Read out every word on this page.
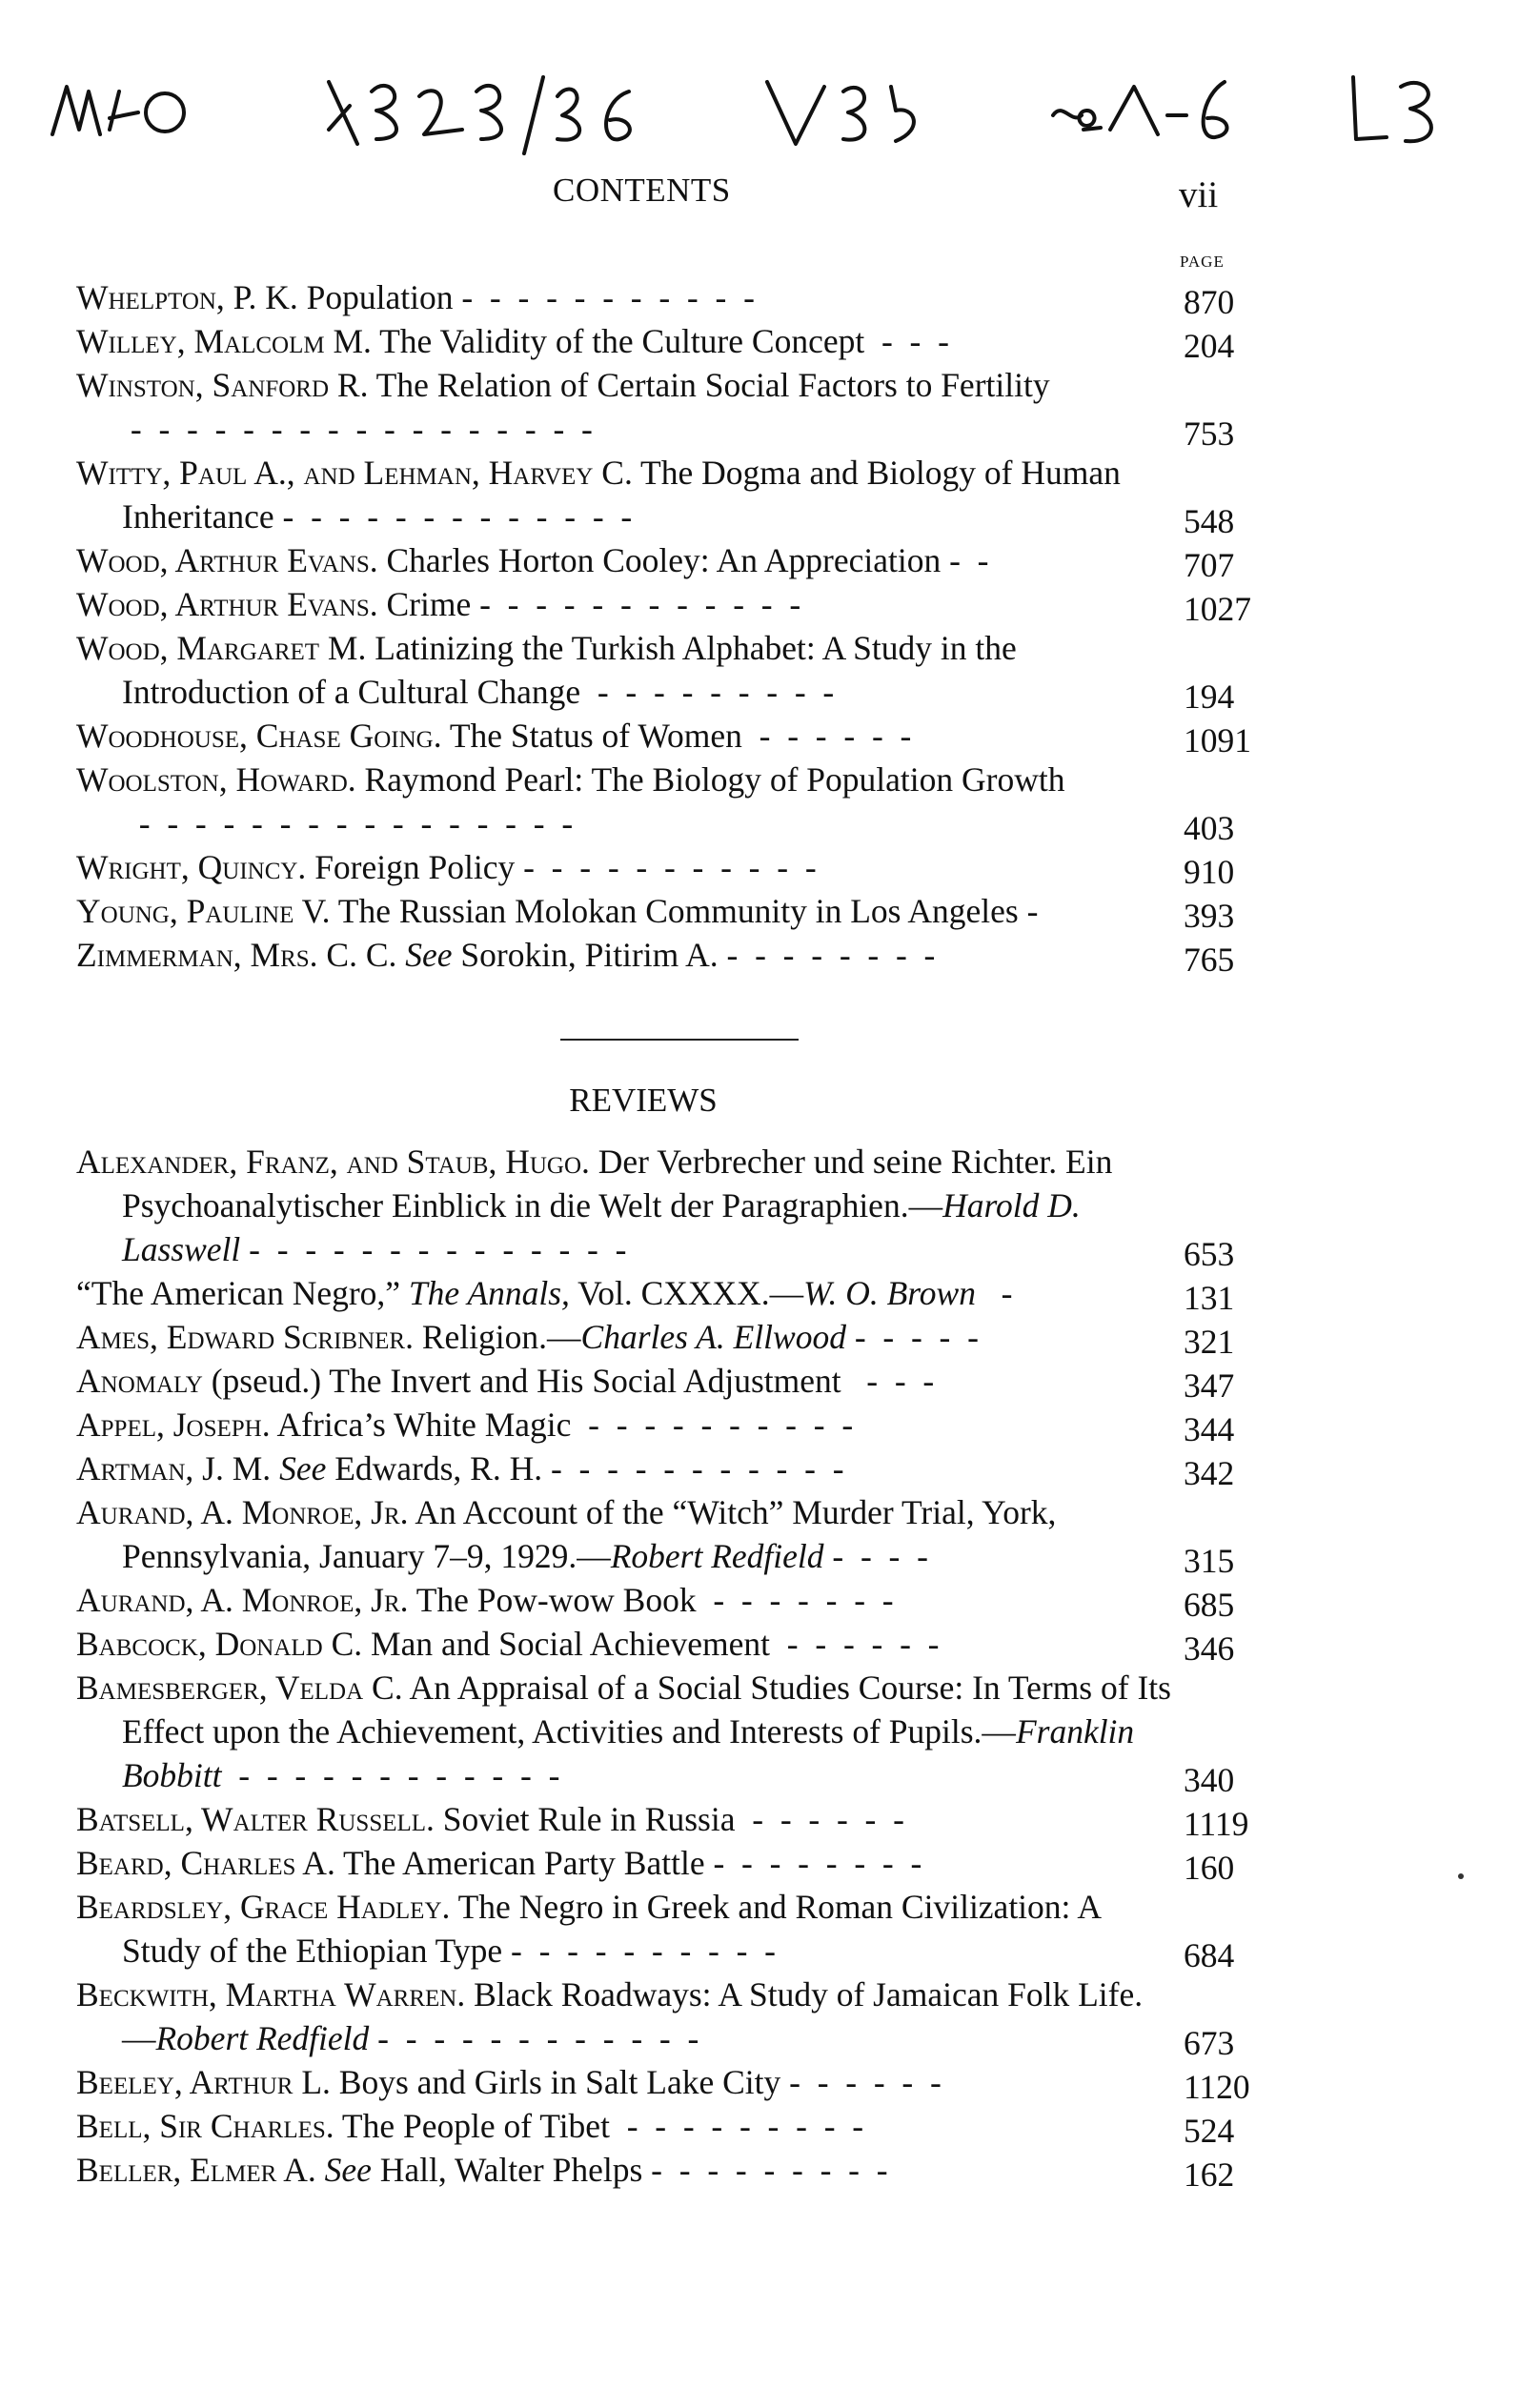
CONTENTS	vii
PAGE
Whelpton, P. K. Population -  -  -  -  -  -  -  -  -  -  -	870
Willey, Malcolm M. The Validity of the Culture Concept  -  -  -	204
Winston, Sanford R. The Relation of Certain Social Factors to Fertility -  -  -  -  -  -  -  -  -  -  -  -  -  -  -  -  -	753
Witty, Paul A., and Lehman, Harvey C. The Dogma and Biology of Human Inheritance -  -  -  -  -  -  -  -  -  -  -  -  -	548
Wood, Arthur Evans. Charles Horton Cooley: An Appreciation -  -	707
Wood, Arthur Evans. Crime -  -  -  -  -  -  -  -  -  -  -  -	1027
Wood, Margaret M. Latinizing the Turkish Alphabet: A Study in the Introduction of a Cultural Change  -  -  -  -  -  -  -  -  -	194
Woodhouse, Chase Going. The Status of Women  -  -  -  -  -  -	1091
Woolston, Howard. Raymond Pearl: The Biology of Population Growth  -  -  -  -  -  -  -  -  -  -  -  -  -  -  -  -	403
Wright, Quincy. Foreign Policy -  -  -  -  -  -  -  -  -  -  -	910
Young, Pauline V. The Russian Molokan Community in Los Angeles -	393
Zimmerman, Mrs. C. C. See Sorokin, Pitirim A. -  -  -  -  -  -  -  -	765
REVIEWS
Alexander, Franz, and Staub, Hugo. Der Verbrecher und seine Richter. Ein Psychoanalytischer Einblick in die Welt der Paragraphien.—Harold D. Lasswell -  -  -  -  -  -  -  -  -  -  -  -  -  -	653
“The American Negro,” The Annals, Vol. CXXXX.—W. O. Brown   -	131
Ames, Edward Scribner. Religion.—Charles A. Ellwood -  -  -  -  -	321
Anomaly (pseud.) The Invert and His Social Adjustment   -  -  -	347
Appel, Joseph. Africa’s White Magic  -  -  -  -  -  -  -  -  -  -	344
Artman, J. M. See Edwards, R. H. -  -  -  -  -  -  -  -  -  -  -	342
Aurand, A. Monroe, Jr. An Account of the “Witch” Murder Trial, York, Pennsylvania, January 7–9, 1929.—Robert Redfield -  -  -  -	315
Aurand, A. Monroe, Jr. The Pow-wow Book  -  -  -  -  -  -  -	685
Babcock, Donald C. Man and Social Achievement  -  -  -  -  -  -	346
Bamesberger, Velda C. An Appraisal of a Social Studies Course: In Terms of Its Effect upon the Achievement, Activities and Interests of Pupils.—Franklin Bobbitt  -  -  -  -  -  -  -  -  -  -  -  -	340
Batsell, Walter Russell. Soviet Rule in Russia  -  -  -  -  -  -	1119
Beard, Charles A. The American Party Battle -  -  -  -  -  -  -  -	160
Beardsley, Grace Hadley. The Negro in Greek and Roman Civilization: A Study of the Ethiopian Type -  -  -  -  -  -  -  -  -  -	684
Beckwith, Martha Warren. Black Roadways: A Study of Jamaican Folk Life.—Robert Redfield -  -  -  -  -  -  -  -  -  -  -  -	673
Beeley, Arthur L. Boys and Girls in Salt Lake City -  -  -  -  -  -	1120
Bell, Sir Charles. The People of Tibet  -  -  -  -  -  -  -  -  -	524
Beller, Elmer A. See Hall, Walter Phelps -  -  -  -  -  -  -  -  -	162
